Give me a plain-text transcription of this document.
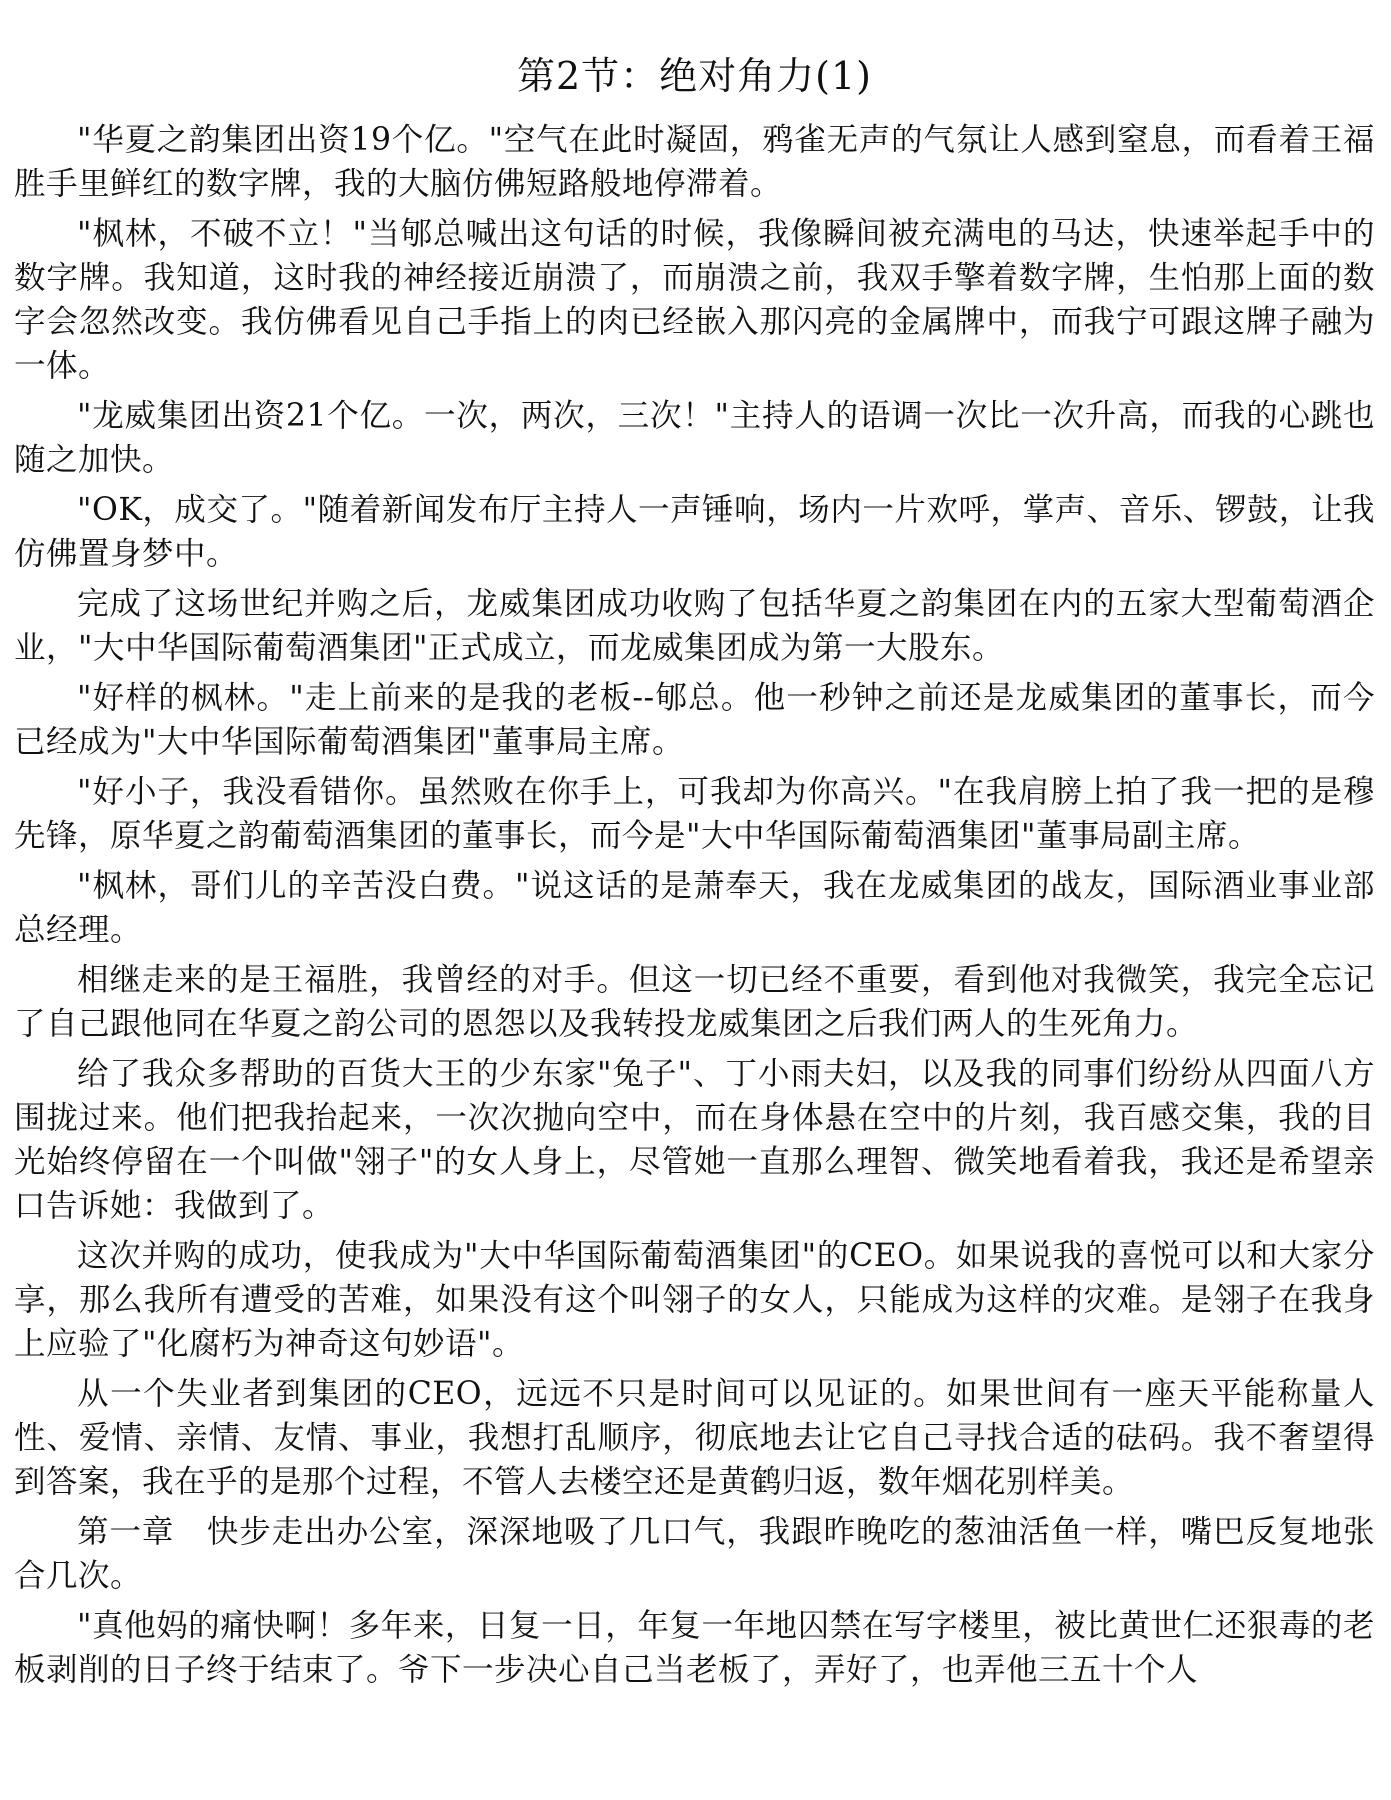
第2节：绝对角力(1)

"华夏之韵集团出资19个亿。"空气在此时凝固，鸦雀无声的气氛让人感到窒息，而看着王福胜手里鲜红的数字牌，我的大脑仿佛短路般地停滞着。

"枫林，不破不立！"当郇总喊出这句话的时候，我像瞬间被充满电的马达，快速举起手中的数字牌。我知道，这时我的神经接近崩溃了，而崩溃之前，我双手擎着数字牌，生怕那上面的数字会忽然改变。我仿佛看见自己手指上的肉已经嵌入那闪亮的金属牌中，而我宁可跟这牌子融为一体。

"龙威集团出资21个亿。一次，两次，三次！"主持人的语调一次比一次升高，而我的心跳也随之加快。

"OK，成交了。"随着新闻发布厅主持人一声锤响，场内一片欢呼，掌声、音乐、锣鼓，让我仿佛置身梦中。

完成了这场世纪并购之后，龙威集团成功收购了包括华夏之韵集团在内的五家大型葡萄酒企业，"大中华国际葡萄酒集团"正式成立，而龙威集团成为第一大股东。

"好样的枫林。"走上前来的是我的老板--郇总。他一秒钟之前还是龙威集团的董事长，而今已经成为"大中华国际葡萄酒集团"董事局主席。

"好小子，我没看错你。虽然败在你手上，可我却为你高兴。"在我肩膀上拍了我一把的是穆先锋，原华夏之韵葡萄酒集团的董事长，而今是"大中华国际葡萄酒集团"董事局副主席。

"枫林，哥们儿的辛苦没白费。"说这话的是萧奉天，我在龙威集团的战友，国际酒业事业部总经理。

相继走来的是王福胜，我曾经的对手。但这一切已经不重要，看到他对我微笑，我完全忘记了自己跟他同在华夏之韵公司的恩怨以及我转投龙威集团之后我们两人的生死角力。

给了我众多帮助的百货大王的少东家"兔子"、丁小雨夫妇，以及我的同事们纷纷从四面八方围拢过来。他们把我抬起来，一次次抛向空中，而在身体悬在空中的片刻，我百感交集，我的目光始终停留在一个叫做"翎子"的女人身上，尽管她一直那么理智、微笑地看着我，我还是希望亲口告诉她：我做到了。

这次并购的成功，使我成为"大中华国际葡萄酒集团"的CEO。如果说我的喜悦可以和大家分享，那么我所有遭受的苦难，如果没有这个叫翎子的女人，只能成为这样的灾难。是翎子在我身上应验了"化腐朽为神奇这句妙语"。

从一个失业者到集团的CEO，远远不只是时间可以见证的。如果世间有一座天平能称量人性、爱情、亲情、友情、事业，我想打乱顺序，彻底地去让它自己寻找合适的砝码。我不奢望得到答案，我在乎的是那个过程，不管人去楼空还是黄鹤归返，数年烟花别样美。

第一章　快步走出办公室，深深地吸了几口气，我跟昨晚吃的葱油活鱼一样，嘴巴反复地张合几次。

"真他妈的痛快啊！多年来，日复一日，年复一年地囚禁在写字楼里，被比黄世仁还狠毒的老板剥削的日子终于结束了。爷下一步决心自己当老板了，弄好了，也弄他三五十个人
